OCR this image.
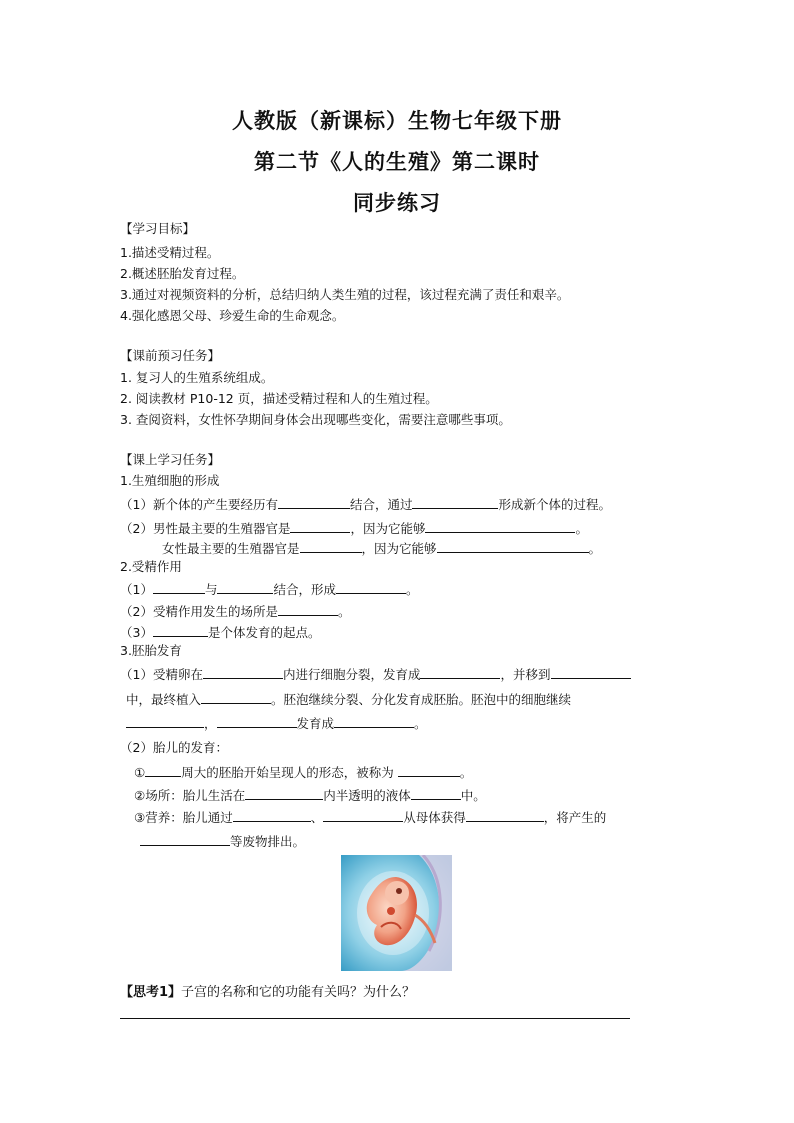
人教版（新课标）生物七年级下册
第二节《人的生殖》第二课时
同步练习
【学习目标】
1.描述受精过程。
2.概述胚胎发育过程。
3.通过对视频资料的分析，总结归纳人类生殖的过程，该过程充满了责任和艰辛。
4.强化感恩父母、珍爱生命的生命观念。
【课前预习任务】
1. 复习人的生殖系统组成。
2. 阅读教材 P10-12 页，描述受精过程和人的生殖过程。
3. 查阅资料，女性怀孕期间身体会出现哪些变化，需要注意哪些事项。
【课上学习任务】
1.生殖细胞的形成
（1）新个体的产生要经历有	结合，通过	形成新个体的过程。
（2）男性最主要的生殖器官是	，因为它能够	。
女性最主要的生殖器官是	，因为它能够	。
2.受精作用
（1）	与	结合，形成	。
（2）受精作用发生的场所是	。
（3）	是个体发育的起点。
3.胚胎发育
（1）受精卵在	内进行细胞分裂，发育成	，并移到
中，最终植入	。胚泡继续分裂、分化发育成胚胎。胚泡中的细胞继续
，	发育成	。
（2）胎儿的发育：
①	周大的胚胎开始呈现人的形态，被称为	。
②场所：胎儿生活在	内半透明的液体	中。
③营养：胎儿通过	、	从母体获得	，将产生的
等废物排出。
【思考1】子宫的名称和它的功能有关吗？为什么？
